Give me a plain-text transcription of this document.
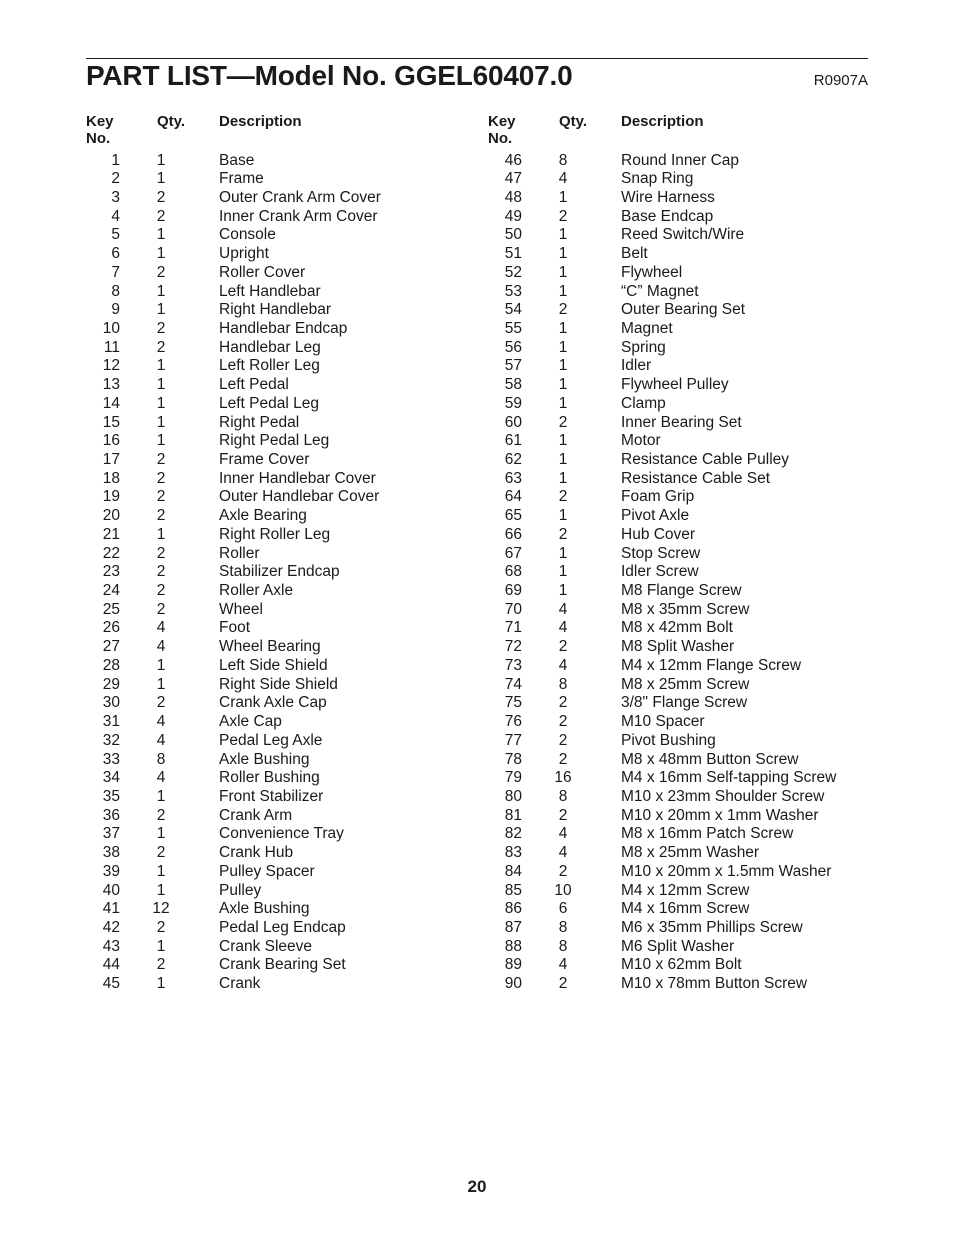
PART LIST—Model No. GGEL60407.0	R0907A
Key No.
Qty. Description
1	1	Base
2	1	Frame
3	2	Outer Crank Arm Cover
4	2	Inner Crank Arm Cover
5	1	Console
6	1	Upright
7	2	Roller Cover
8	1	Left Handlebar
9	1	Right Handlebar
10	2	Handlebar Endcap
11	2	Handlebar Leg
12	1	Left Roller Leg
13	1	Left Pedal
14	1	Left Pedal Leg
15	1	Right Pedal
16	1	Right Pedal Leg
17	2	Frame Cover
18	2	Inner Handlebar Cover
19	2	Outer Handlebar Cover
20	2	Axle Bearing
21	1	Right Roller Leg
22	2	Roller
23	2	Stabilizer Endcap
24	2	Roller Axle
25	2	Wheel
26	4	Foot
27	4	Wheel Bearing
28	1	Left Side Shield
29	1	Right Side Shield
30	2	Crank Axle Cap
31	4	Axle Cap
32	4	Pedal Leg Axle
33	8	Axle Bushing
34	4	Roller Bushing
35	1	Front Stabilizer
36	2	Crank Arm
37	1	Convenience Tray
38	2	Crank Hub
39	1	Pulley Spacer
40	1	Pulley
41	12	Axle Bushing
42	2	Pedal Leg Endcap
43	1	Crank Sleeve
44	2	Crank Bearing Set
45	1	Crank
Key No.
Qty. Description
46	8	Round Inner Cap
47	4	Snap Ring
48	1	Wire Harness
49	2	Base Endcap
50	1	Reed Switch/Wire
51	1	Belt
52	1	Flywheel
53	1	“C” Magnet
54	2	Outer Bearing Set
55	1	Magnet
56	1	Spring
57	1	Idler
58	1	Flywheel Pulley
59	1	Clamp
60	2	Inner Bearing Set
61	1	Motor
62	1	Resistance Cable Pulley
63	1	Resistance Cable Set
64	2	Foam Grip
65	1	Pivot Axle
66	2	Hub Cover
67	1	Stop Screw
68	1	Idler Screw
69	1	M8 Flange Screw
70	4	M8 x 35mm Screw
71	4	M8 x 42mm Bolt
72	2	M8 Split Washer
73	4	M4 x 12mm Flange Screw
74	8	M8 x 25mm Screw
75	2	3/8" Flange Screw
76	2	M10 Spacer
77	2	Pivot Bushing
78	2	M8 x 48mm Button Screw
79	16	M4 x 16mm Self-tapping Screw
80	8	M10 x 23mm Shoulder Screw
81	2	M10 x 20mm x 1mm Washer
82	4	M8 x 16mm Patch Screw
83	4	M8 x 25mm Washer
84	2	M10 x 20mm x 1.5mm Washer
85	10	M4 x 12mm Screw
86	6	M4 x 16mm Screw
87	8	M6 x 35mm Phillips Screw
88	8	M6 Split Washer
89	4	M10 x 62mm Bolt
90	2	M10 x 78mm Button Screw
20
